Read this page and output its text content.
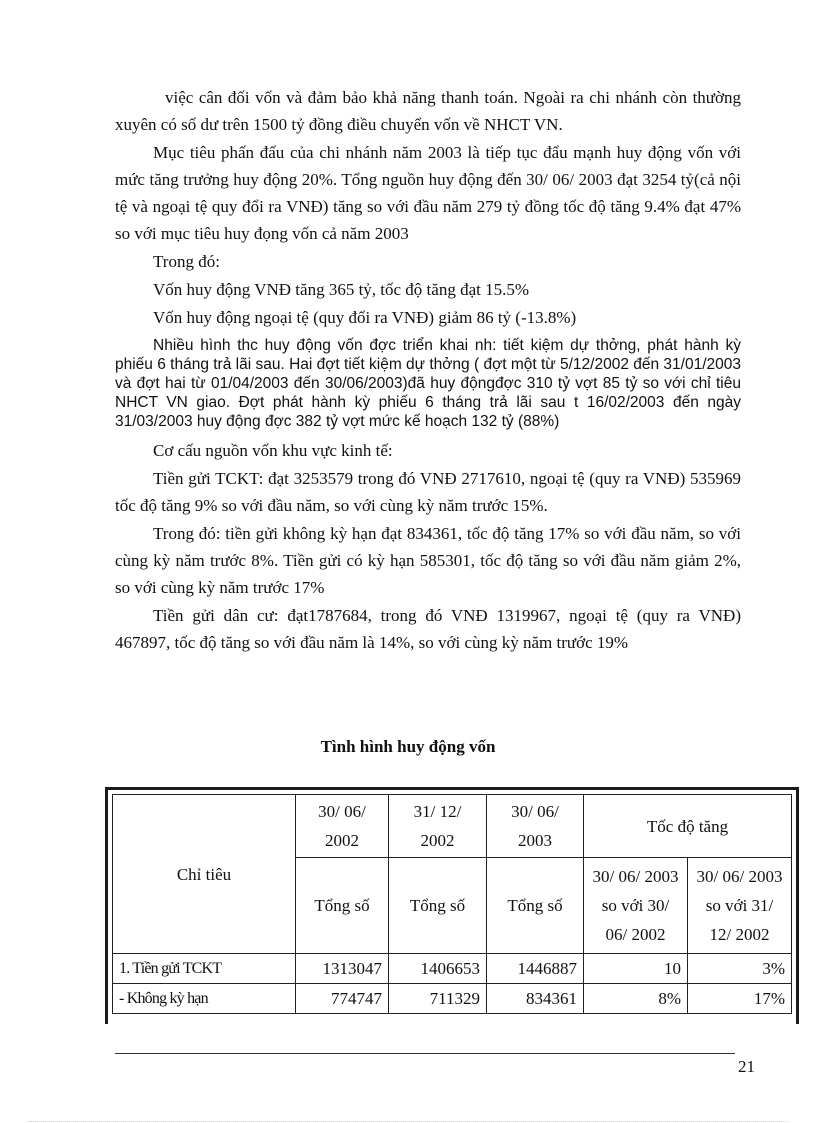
việc cân đối vốn và đảm bảo khả năng thanh toán. Ngoài ra chi nhánh còn thường xuyên có số dư trên 1500 tỷ đồng điều chuyển vốn về NHCT VN.

Mục tiêu phấn đấu của chi nhánh năm 2003 là tiếp tục đẩu mạnh huy động vốn với mức tăng trưởng huy động 20%. Tổng nguồn huy động đến 30/ 06/ 2003 đạt 3254 tỷ(cả nội tệ và ngoại tệ quy đổi ra VNĐ) tăng so với đầu năm 279 tỷ đồng tốc độ tăng 9.4% đạt 47% so với mục tiêu huy đọng vốn cả năm 2003

Trong đó:

Vốn huy động VNĐ tăng 365 tỷ, tốc độ tăng đạt 15.5%

Vốn huy động ngoại tệ (quy đổi ra VNĐ) giảm 86 tỷ (-13.8%)

Nhiều hình thc huy động vốn đợc triển khai nh: tiết kiệm dự thởng, phát hành kỳ phiếu 6 tháng trả lãi sau. Hai đợt tiết kiệm dự thởng ( đợt một từ 5/12/2002 đến 31/01/2003 và đợt hai từ 01/04/2003 đến 30/06/2003)đã huy độngđợc 310 tỷ vợt 85 tỷ so với chỉ tiêu NHCT VN giao. Đợt phát hành kỳ phiếu 6 tháng trả lãi sau t 16/02/2003 đến ngày 31/03/2003 huy động đợc 382 tỷ vợt mức kế hoạch 132 tỷ (88%)

Cơ cấu nguồn vốn khu vực kinh tế:

Tiền gửi TCKT: đạt 3253579 trong đó VNĐ 2717610, ngoại tệ (quy ra VNĐ) 535969 tốc độ tăng 9% so với đầu năm, so với cùng kỳ năm trước 15%.

Trong đó: tiền gửi không kỳ hạn đạt 834361, tốc độ tăng 17% so với đầu năm, so với cùng kỳ năm trước 8%. Tiền gửi có kỳ hạn 585301, tốc độ tăng so với đầu năm giảm 2%, so với cùng kỳ năm trước 17%

Tiền gửi dân cư: đạt1787684, trong đó VNĐ 1319967, ngoại tệ (quy ra VNĐ) 467897, tốc độ tăng so với đầu năm là 14%, so với cùng kỳ năm trước 19%

Tình hình huy động vốn
Chỉ tiêu	30/ 06/ 2002	31/ 12/ 2002	30/ 06/ 2003	Tốc độ tăng	
	Tổng số	Tổng số	Tổng số	30/ 06/ 2003 so với 30/ 06/ 2002	30/ 06/ 2003 so với 31/ 12/ 2002
1. Tiền gửi TCKT	1313047	1406653	1446887	10	3%
- Không kỳ hạn	774747	711329	834361	8%	17%
21
